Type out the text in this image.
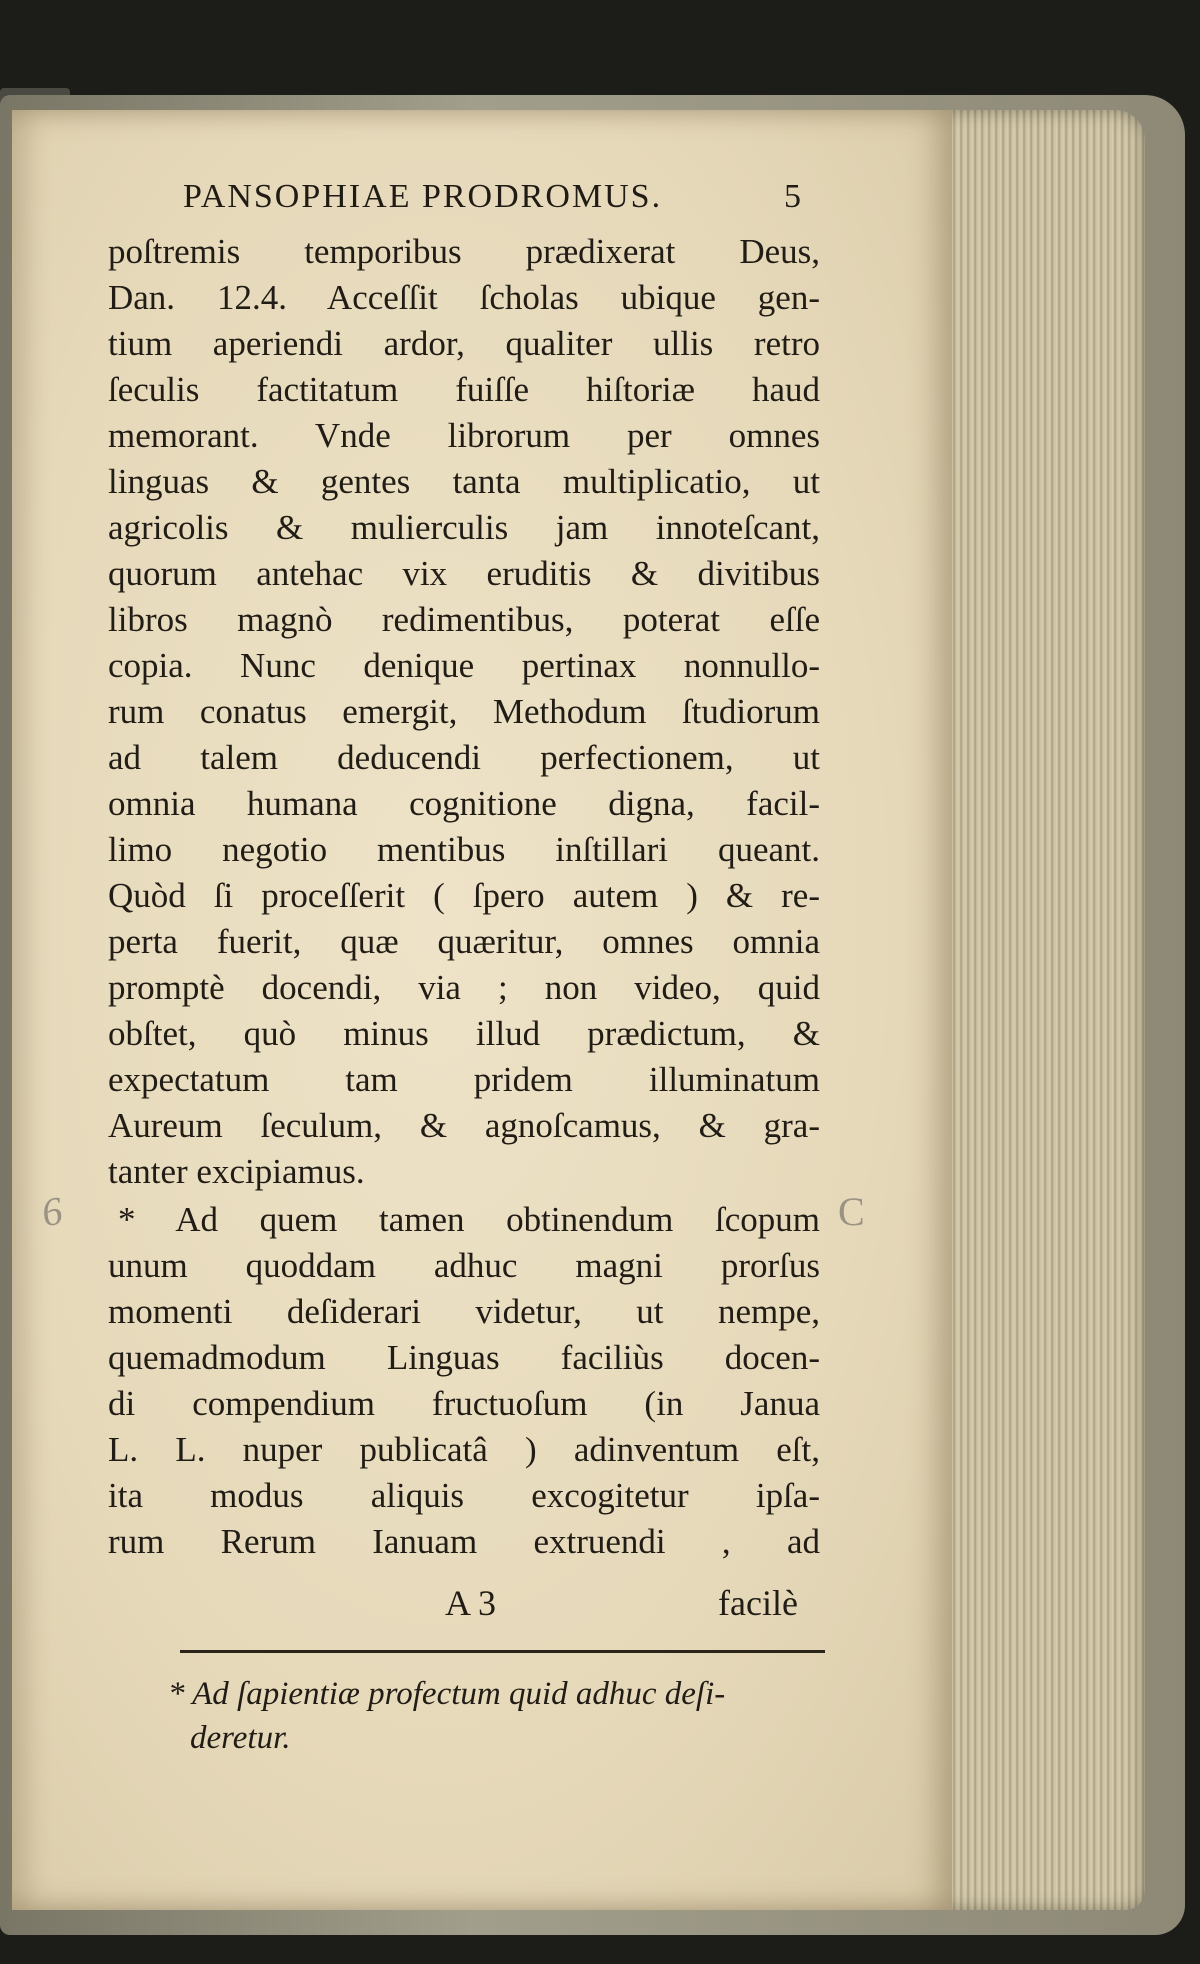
PANSOPHIAE PRODROMUS.	5
poſtremis temporibus prædixerat Deus,
Dan. 12.4. Acceſſit ſcholas ubique gen-
tium aperiendi ardor, qualiter ullis retro
ſeculis factitatum fuiſſe hiſtoriæ haud
memorant. Vnde librorum per omnes
linguas & gentes tanta multiplicatio, ut
agricolis & mulierculis jam innoteſcant,
quorum antehac vix eruditis & divitibus
libros magnò redimentibus, poterat eſſe
copia. Nunc denique pertinax nonnullo-
rum conatus emergit, Methodum ſtudiorum
ad talem deducendi perfectionem, ut
omnia humana cognitione digna, facil-
limo negotio mentibus inſtillari queant.
Quòd ſi proceſſerit ( ſpero autem ) & re-
perta fuerit, quæ quæritur, omnes omnia
promptè docendi, via ; non video, quid
obſtet, quò minus illud prædictum, &
expectatum tam pridem illuminatum
Aureum ſeculum, & agnoſcamus, & gra-
tanter excipiamus.
* Ad quem tamen obtinendum ſcopum
unum quoddam adhuc magni prorſus
momenti deſiderari videtur, ut nempe,
quemadmodum Linguas faciliùs docen-
di compendium fructuoſum (in Janua
L. L. nuper publicatâ ) adinventum eſt,
ita modus aliquis excogitetur ipſa-
rum Rerum Ianuam extruendi , ad
A 3	facilè
* Ad ſapientiæ profectum quid adhuc deſi-
deretur.
6	C
